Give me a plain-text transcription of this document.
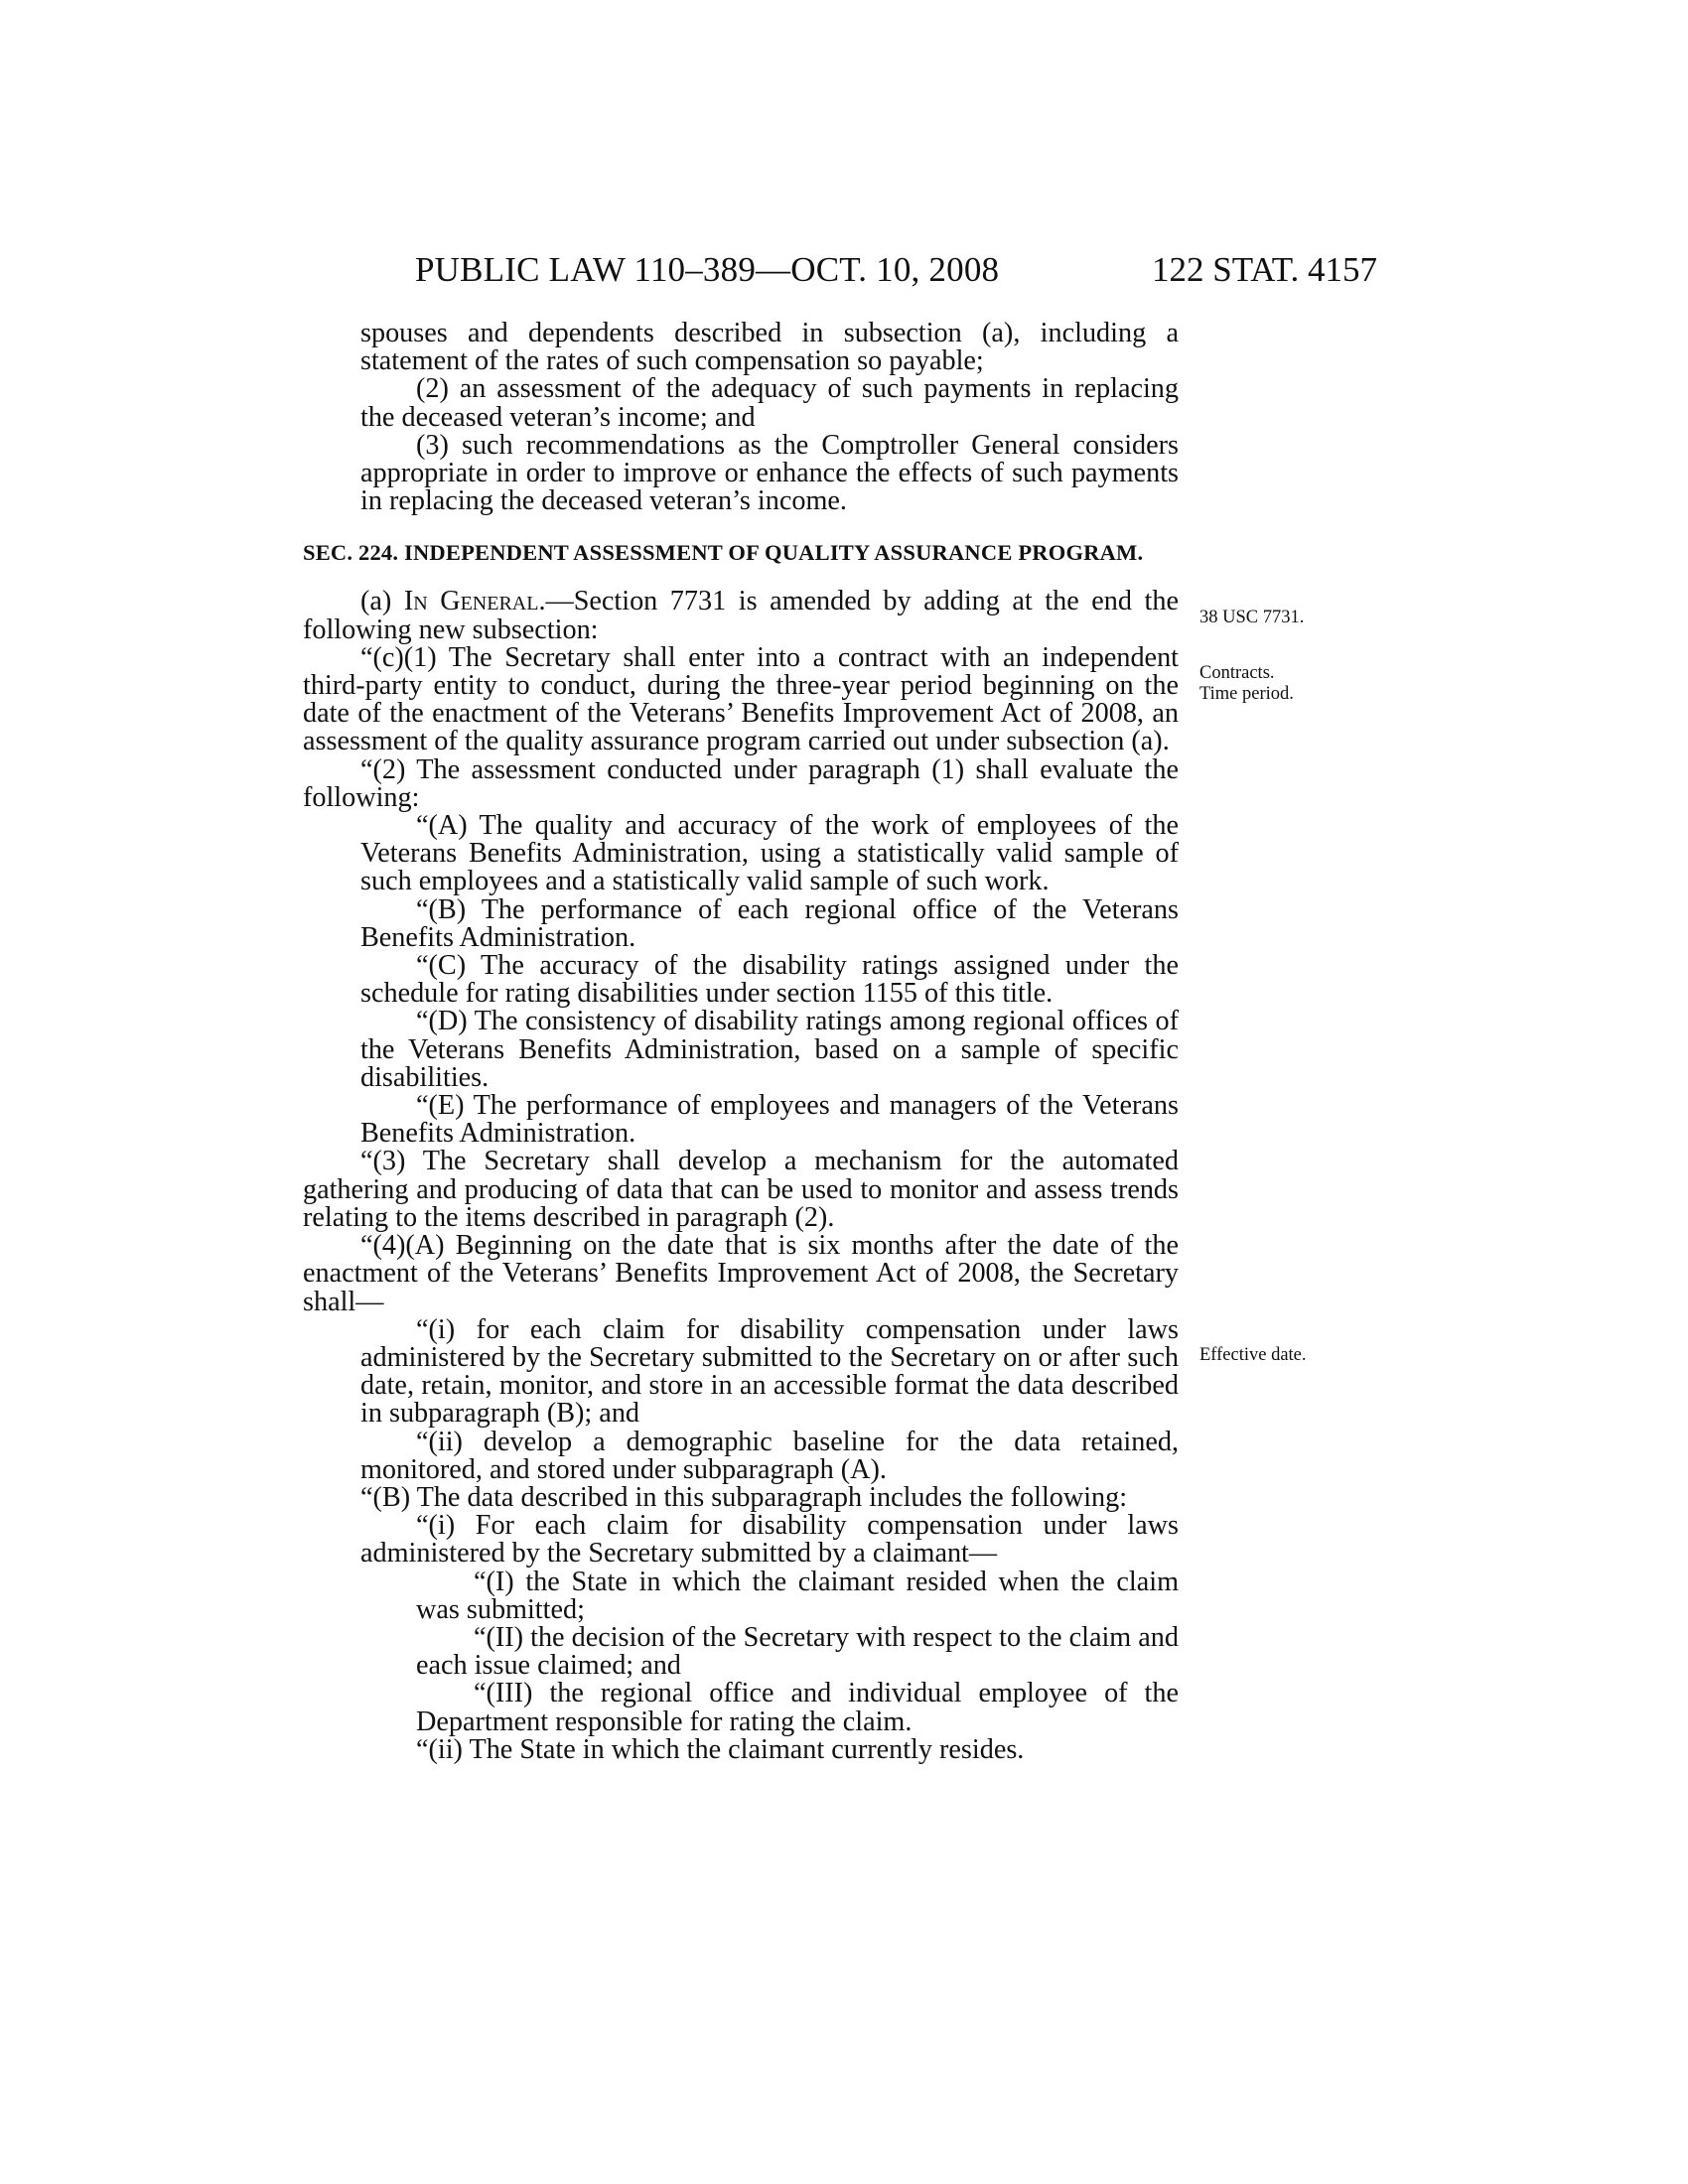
PUBLIC LAW 110–389—OCT. 10, 2008	122 STAT. 4157
38 USC 7731.
Contracts.
Time period.
Effective date.

spouses and dependents described in subsection (a), including a statement of the rates of such compensation so payable;

(2) an assessment of the adequacy of such payments in replacing the deceased veteran’s income; and

(3) such recommendations as the Comptroller General considers appropriate in order to improve or enhance the effects of such payments in replacing the deceased veteran’s income.

SEC. 224. INDEPENDENT ASSESSMENT OF QUALITY ASSURANCE PROGRAM.

(a) In General.—Section 7731 is amended by adding at the end the following new subsection:

“(c)(1) The Secretary shall enter into a contract with an independent third-party entity to conduct, during the three-year period beginning on the date of the enactment of the Veterans’ Benefits Improvement Act of 2008, an assessment of the quality assurance program carried out under subsection (a).

“(2) The assessment conducted under paragraph (1) shall evaluate the following:

“(A) The quality and accuracy of the work of employees of the Veterans Benefits Administration, using a statistically valid sample of such employees and a statistically valid sample of such work.

“(B) The performance of each regional office of the Veterans Benefits Administration.

“(C) The accuracy of the disability ratings assigned under the schedule for rating disabilities under section 1155 of this title.

“(D) The consistency of disability ratings among regional offices of the Veterans Benefits Administration, based on a sample of specific disabilities.

“(E) The performance of employees and managers of the Veterans Benefits Administration.

“(3) The Secretary shall develop a mechanism for the automated gathering and producing of data that can be used to monitor and assess trends relating to the items described in paragraph (2).

“(4)(A) Beginning on the date that is six months after the date of the enactment of the Veterans’ Benefits Improvement Act of 2008, the Secretary shall—

“(i) for each claim for disability compensation under laws administered by the Secretary submitted to the Secretary on or after such date, retain, monitor, and store in an accessible format the data described in subparagraph (B); and

“(ii) develop a demographic baseline for the data retained, monitored, and stored under subparagraph (A).

“(B) The data described in this subparagraph includes the following:

“(i) For each claim for disability compensation under laws administered by the Secretary submitted by a claimant—

“(I) the State in which the claimant resided when the claim was submitted;

“(II) the decision of the Secretary with respect to the claim and each issue claimed; and

“(III) the regional office and individual employee of the Department responsible for rating the claim.

“(ii) The State in which the claimant currently resides.
